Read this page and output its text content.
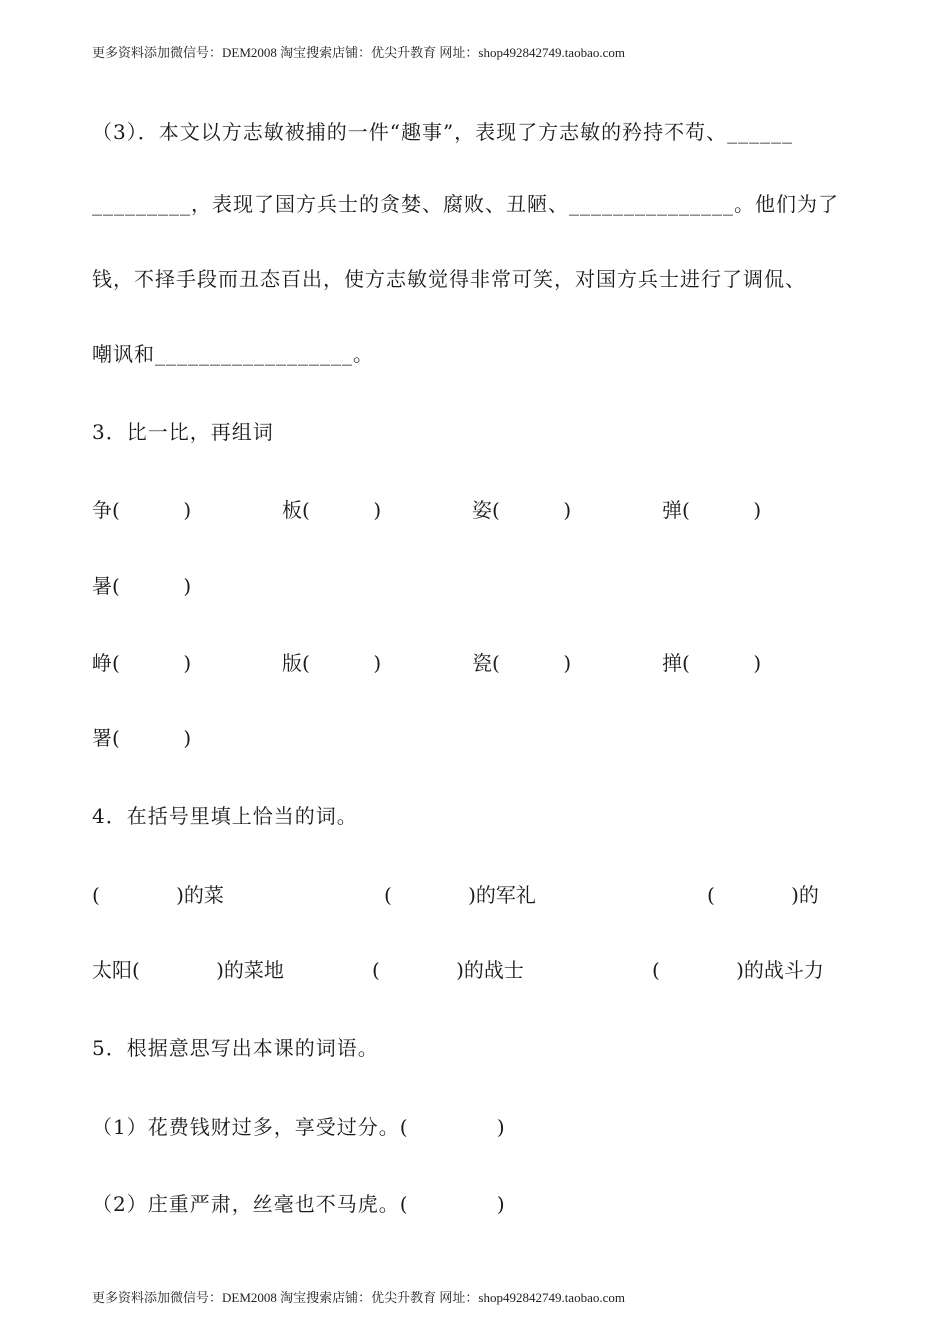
更多资料添加微信号：DEM2008 淘宝搜索店铺：优尖升教育 网址：shop492842749.taobao.com
（3）．本文以方志敏被捕的一件“趣事”，表现了方志敏的矜持不苟、______
_________，表现了国方兵士的贪婪、腐败、丑陋、_______________。他们为了
钱，不择手段而丑态百出，使方志敏觉得非常可笑，对国方兵士进行了调侃、
嘲讽和__________________。
3．比一比，再组词
争(          )	板(          )	姿(          )	弹(          )
暑(          )
峥(          )	版(          )	瓷(          )	掸(          )
署(          )
4．在括号里填上恰当的词。
(            )的菜	(            )的军礼	(            )的
太阳(            )的菜地	(            )的战士	(            )的战斗力
5．根据意思写出本课的词语。
（1）花费钱财过多，享受过分。(            )
（2）庄重严肃，丝毫也不马虎。(            )
更多资料添加微信号：DEM2008 淘宝搜索店铺：优尖升教育 网址：shop492842749.taobao.com
